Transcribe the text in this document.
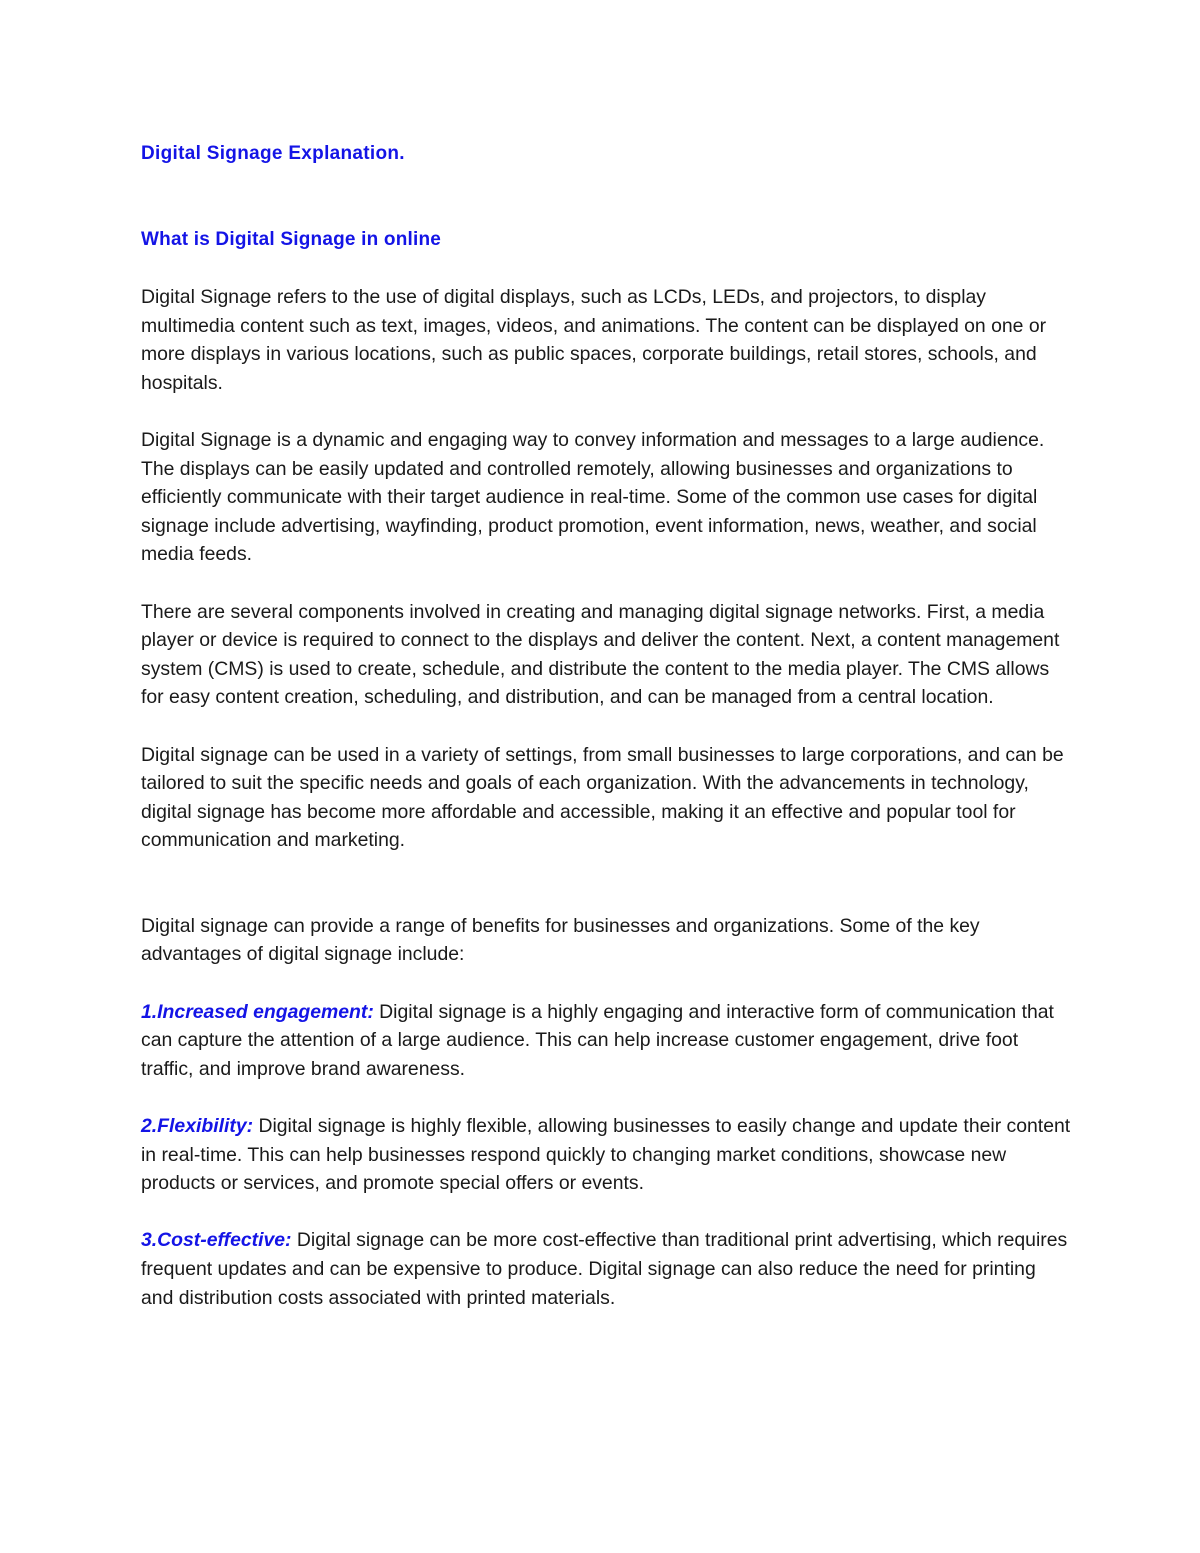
Digital Signage Explanation.
What is Digital Signage in online

Digital Signage refers to the use of digital displays, such as LCDs, LEDs, and projectors, to display multimedia content such as text, images, videos, and animations. The content can be displayed on one or more displays in various locations, such as public spaces, corporate buildings, retail stores, schools, and hospitals.

Digital Signage is a dynamic and engaging way to convey information and messages to a large audience. The displays can be easily updated and controlled remotely, allowing businesses and organizations to efficiently communicate with their target audience in real-time. Some of the common use cases for digital signage include advertising, wayfinding, product promotion, event information, news, weather, and social media feeds.

There are several components involved in creating and managing digital signage networks. First, a media player or device is required to connect to the displays and deliver the content. Next, a content management system (CMS) is used to create, schedule, and distribute the content to the media player. The CMS allows for easy content creation, scheduling, and distribution, and can be managed from a central location.

Digital signage can be used in a variety of settings, from small businesses to large corporations, and can be tailored to suit the specific needs and goals of each organization. With the advancements in technology, digital signage has become more affordable and accessible, making it an effective and popular tool for communication and marketing.

Digital signage can provide a range of benefits for businesses and organizations. Some of the key advantages of digital signage include:

1.Increased engagement: Digital signage is a highly engaging and interactive form of communication that can capture the attention of a large audience. This can help increase customer engagement, drive foot traffic, and improve brand awareness.

2.Flexibility: Digital signage is highly flexible, allowing businesses to easily change and update their content in real-time. This can help businesses respond quickly to changing market conditions, showcase new products or services, and promote special offers or events.

3.Cost-effective: Digital signage can be more cost-effective than traditional print advertising, which requires frequent updates and can be expensive to produce. Digital signage can also reduce the need for printing and distribution costs associated with printed materials.
